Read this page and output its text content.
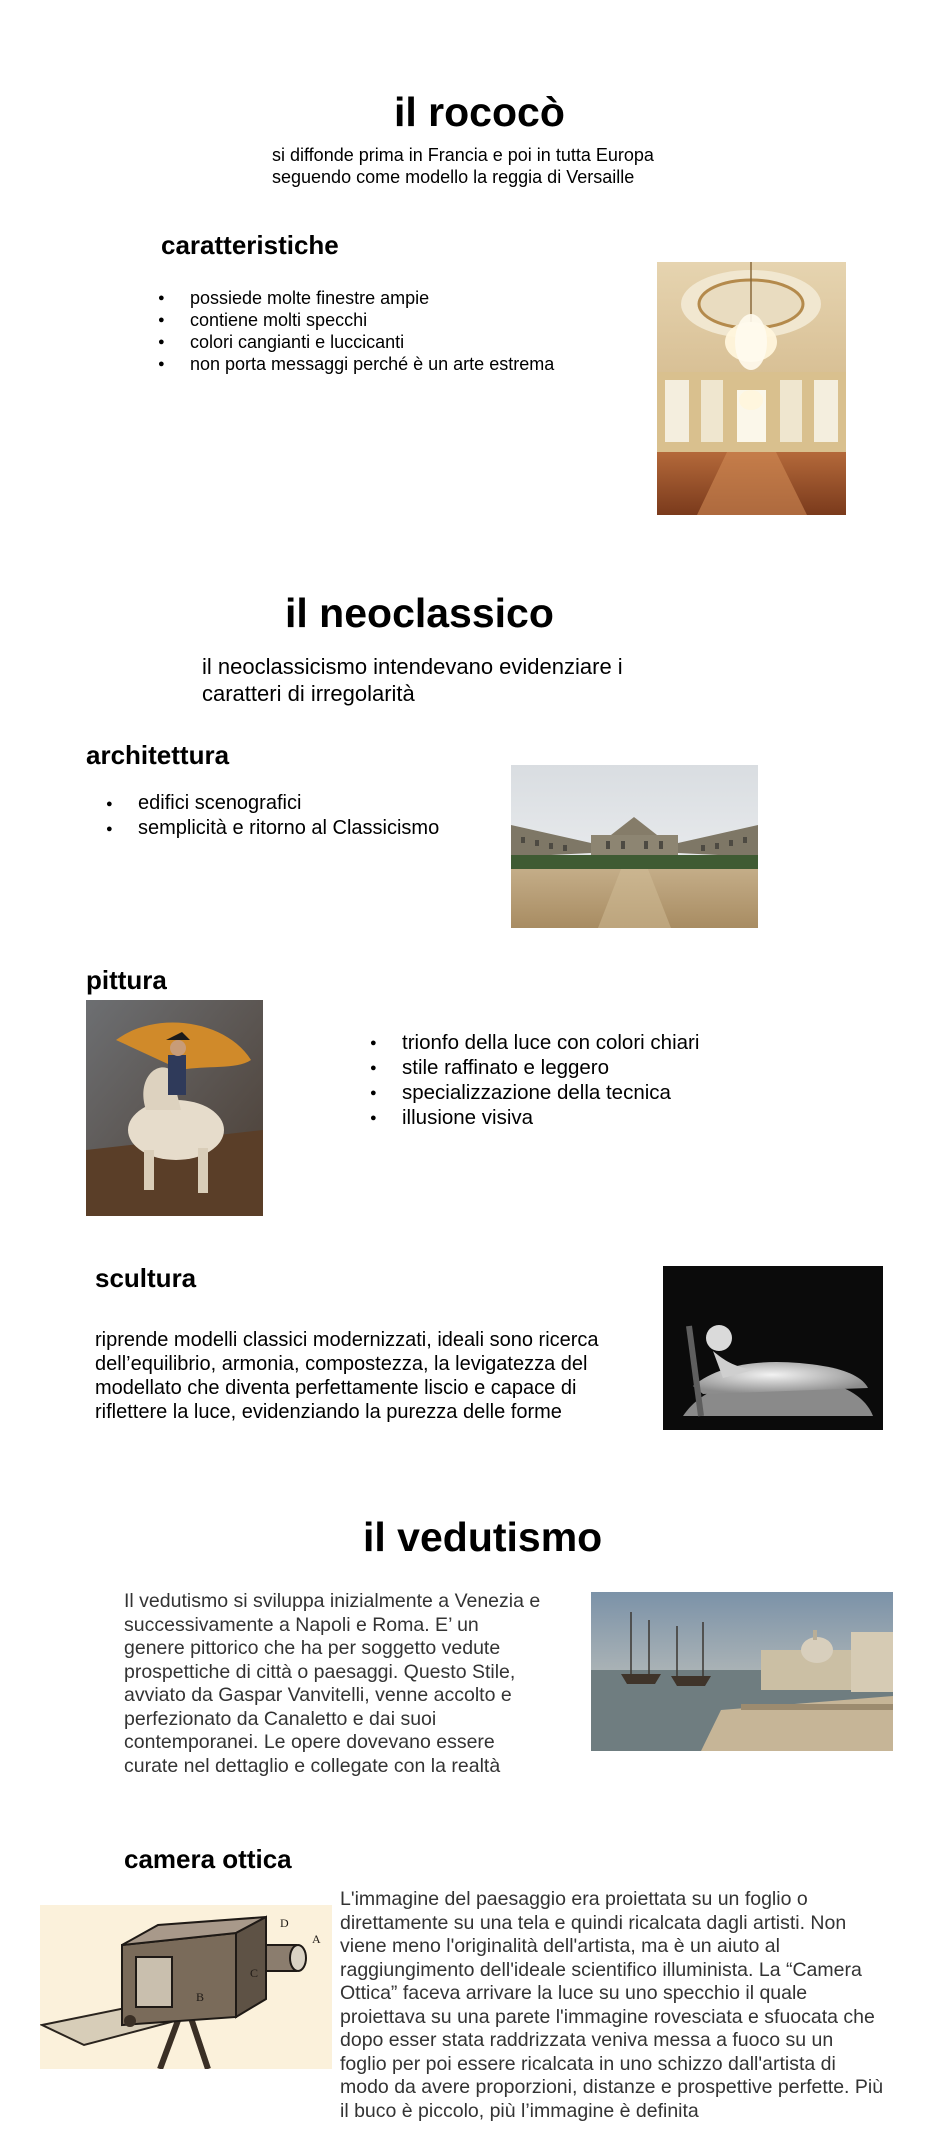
il rococò

si diffonde prima in Francia e poi in tutta Europa
seguendo come modello la reggia di Versaille

caratteristiche
● possiede molte finestre ampie
● contiene molti specchi
● colori cangianti e luccicanti
● non porta messaggi perché è un arte estrema
il neoclassico

il neoclassicismo intendevano evidenziare i
caratteri di irregolarità

architettura
● edifici scenografici
● semplicità e ritorno al Classicismo
pittura
● trionfo della luce con colori chiari
● stile raffinato e leggero
● specializzazione della tecnica
● illusione visiva
scultura

riprende modelli classici modernizzati, ideali sono ricerca
dell’equilibrio, armonia, compostezza, la levigatezza del
modellato che diventa perfettamente liscio e capace di
riflettere la luce, evidenziando la purezza delle forme

il vedutismo

Il vedutismo si sviluppa inizialmente a Venezia e
successivamente a Napoli e Roma. E’ un
genere pittorico che ha per soggetto vedute
prospettiche di città o paesaggi. Questo Stile,
avviato da Gaspar Vanvitelli, venne accolto e
perfezionato da Canaletto e dai suoi
contemporanei. Le opere dovevano essere
curate nel dettaglio e collegate con la realtà

camera ottica
D
A
B
C

L'immagine del paesaggio era proiettata su un foglio o
direttamente su una tela e quindi ricalcata dagli artisti. Non
viene meno l'originalità dell'artista, ma è un aiuto al
raggiungimento dell'ideale scientifico illuminista. La “Camera
Ottica” faceva arrivare la luce su uno specchio il quale
proiettava su una parete l'immagine rovesciata e sfuocata che
dopo esser stata raddrizzata veniva messa a fuoco su un
foglio per poi essere ricalcata in uno schizzo dall'artista di
modo da avere proporzioni, distanze e prospettive perfette. Più
il buco è piccolo, più l’immagine è definita
